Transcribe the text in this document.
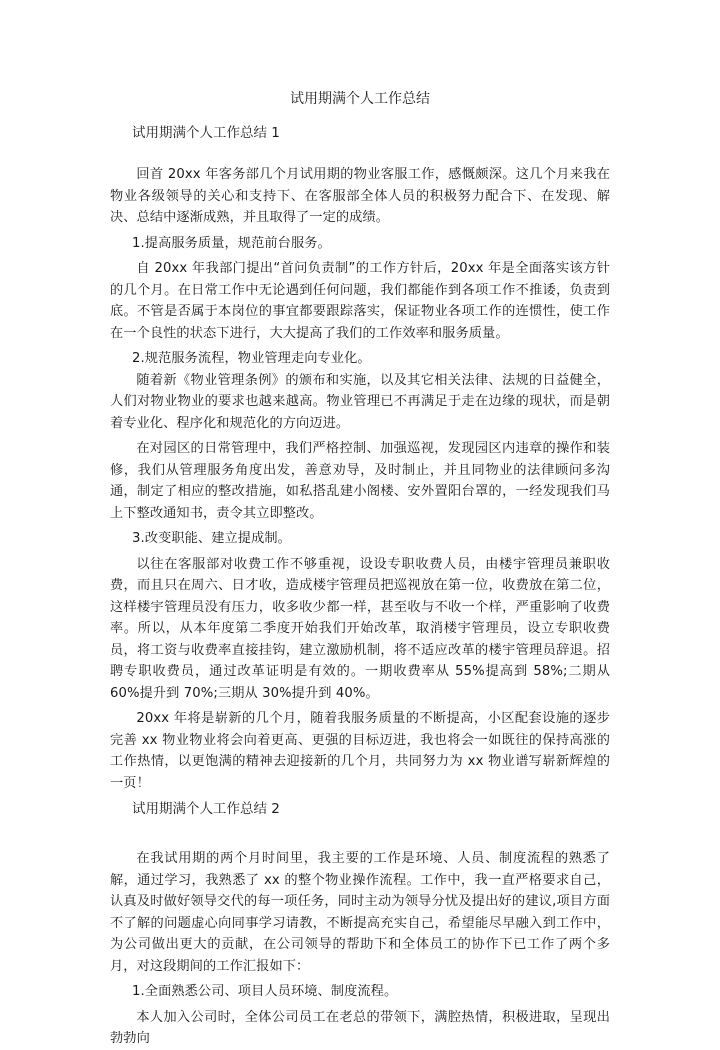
试用期满个人工作总结
试用期满个人工作总结 1

回首 20xx 年客务部几个月试用期的物业客服工作，感慨颇深。这几个月来我在物业各级领导的关心和支持下、在客服部全体人员的积极努力配合下、在发现、解决、总结中逐渐成熟，并且取得了一定的成绩。

1.提高服务质量，规范前台服务。

自 20xx 年我部门提出“首问负责制”的工作方针后，20xx 年是全面落实该方针的几个月。在日常工作中无论遇到任何问题，我们都能作到各项工作不推诿，负责到底。不管是否属于本岗位的事宜都要跟踪落实，保证物业各项工作的连惯性，使工作在一个良性的状态下进行，大大提高了我们的工作效率和服务质量。

2.规范服务流程，物业管理走向专业化。

随着新《物业管理条例》的颁布和实施，以及其它相关法律、法规的日益健全，人们对物业物业的要求也越来越高。物业管理已不再满足于走在边缘的现状，而是朝着专业化、程序化和规范化的方向迈进。

在对园区的日常管理中，我们严格控制、加强巡视，发现园区内违章的操作和装修，我们从管理服务角度出发，善意劝导，及时制止，并且同物业的法律顾问多沟通，制定了相应的整改措施，如私搭乱建小阁楼、安外置阳台罩的，一经发现我们马上下整改通知书，责令其立即整改。

3.改变职能、建立提成制。

以往在客服部对收费工作不够重视，设设专职收费人员，由楼宇管理员兼职收费，而且只在周六、日才收，造成楼宇管理员把巡视放在第一位，收费放在第二位，这样楼宇管理员没有压力，收多收少都一样，甚至收与不收一个样，严重影响了收费率。所以，从本年度第二季度开始我们开始改革，取消楼宇管理员，设立专职收费员，将工资与收费率直接挂钩，建立激励机制，将不适应改革的楼宇管理员辞退。招聘专职收费员，通过改革证明是有效的。一期收费率从 55%提高到 58%;二期从 60%提升到 70%;三期从 30%提升到 40%。

20xx 年将是崭新的几个月，随着我服务质量的不断提高，小区配套设施的逐步完善 xx 物业物业将会向着更高、更强的目标迈进，我也将会一如既往的保持高涨的工作热情，以更饱满的精神去迎接新的几个月，共同努力为 xx 物业谱写崭新辉煌的一页！

试用期满个人工作总结 2

在我试用期的两个月时间里，我主要的工作是环境、人员、制度流程的熟悉了解，通过学习，我熟悉了 xx 的整个物业操作流程。工作中，我一直严格要求自己，认真及时做好领导交代的每一项任务，同时主动为领导分忧及提出好的建议,项目方面不了解的问题虚心向同事学习请教，不断提高充实自己，希望能尽早融入到工作中，为公司做出更大的贡献，在公司领导的帮助下和全体员工的协作下已工作了两个多月，对这段期间的工作汇报如下：

1.全面熟悉公司、项目人员环境、制度流程。

本人加入公司时，全体公司员工在老总的带领下，满腔热情，积极进取，呈现出勃勃向
